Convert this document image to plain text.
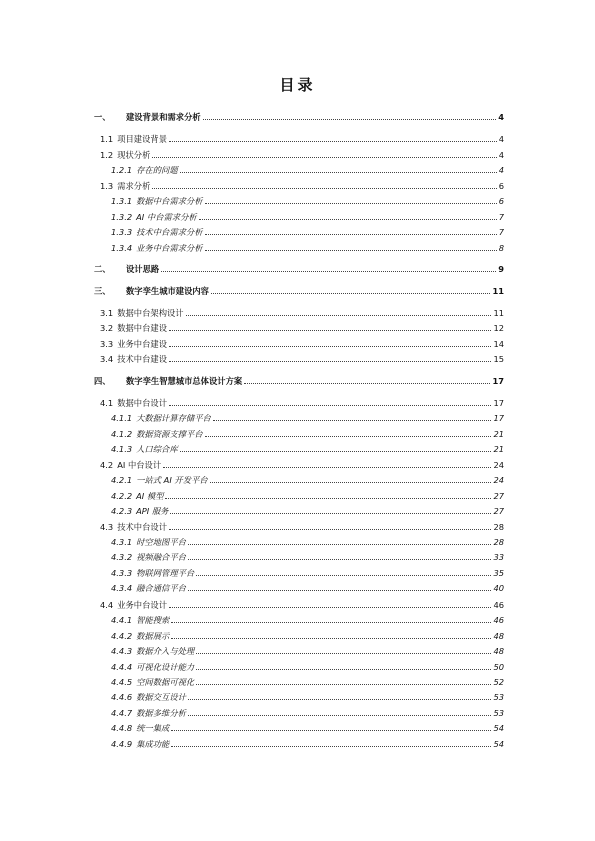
目录
一、	建设背景和需求分析	4
1.1 项目建设背景	4
1.2 现状分析	4
1.2.1 存在的问题	4
1.3 需求分析	6
1.3.1 数据中台需求分析	6
1.3.2 AI 中台需求分析	7
1.3.3 技术中台需求分析	7
1.3.4 业务中台需求分析	8
二、	设计思路	9
三、	数字孪生城市建设内容	11
3.1 数据中台架构设计	11
3.2 数据中台建设	12
3.3 业务中台建设	14
3.4 技术中台建设	15
四、	数字孪生智慧城市总体设计方案	17
4.1 数据中台设计	17
4.1.1 大数据计算存储平台	17
4.1.2 数据资源支撑平台	21
4.1.3 人口综合库	21
4.2 AI 中台设计	24
4.2.1 一站式 AI 开发平台	24
4.2.2 AI 模型	27
4.2.3 API 服务	27
4.3 技术中台设计	28
4.3.1 时空地图平台	28
4.3.2 视频融合平台	33
4.3.3 物联网管理平台	35
4.3.4 融合通信平台	40
4.4 业务中台设计	46
4.4.1 智能搜索	46
4.4.2 数据展示	48
4.4.3 数据介入与处理	48
4.4.4 可视化设计能力	50
4.4.5 空间数据可视化	52
4.4.6 数据交互设计	53
4.4.7 数据多维分析	53
4.4.8 统一集成	54
4.4.9 集成功能	54
